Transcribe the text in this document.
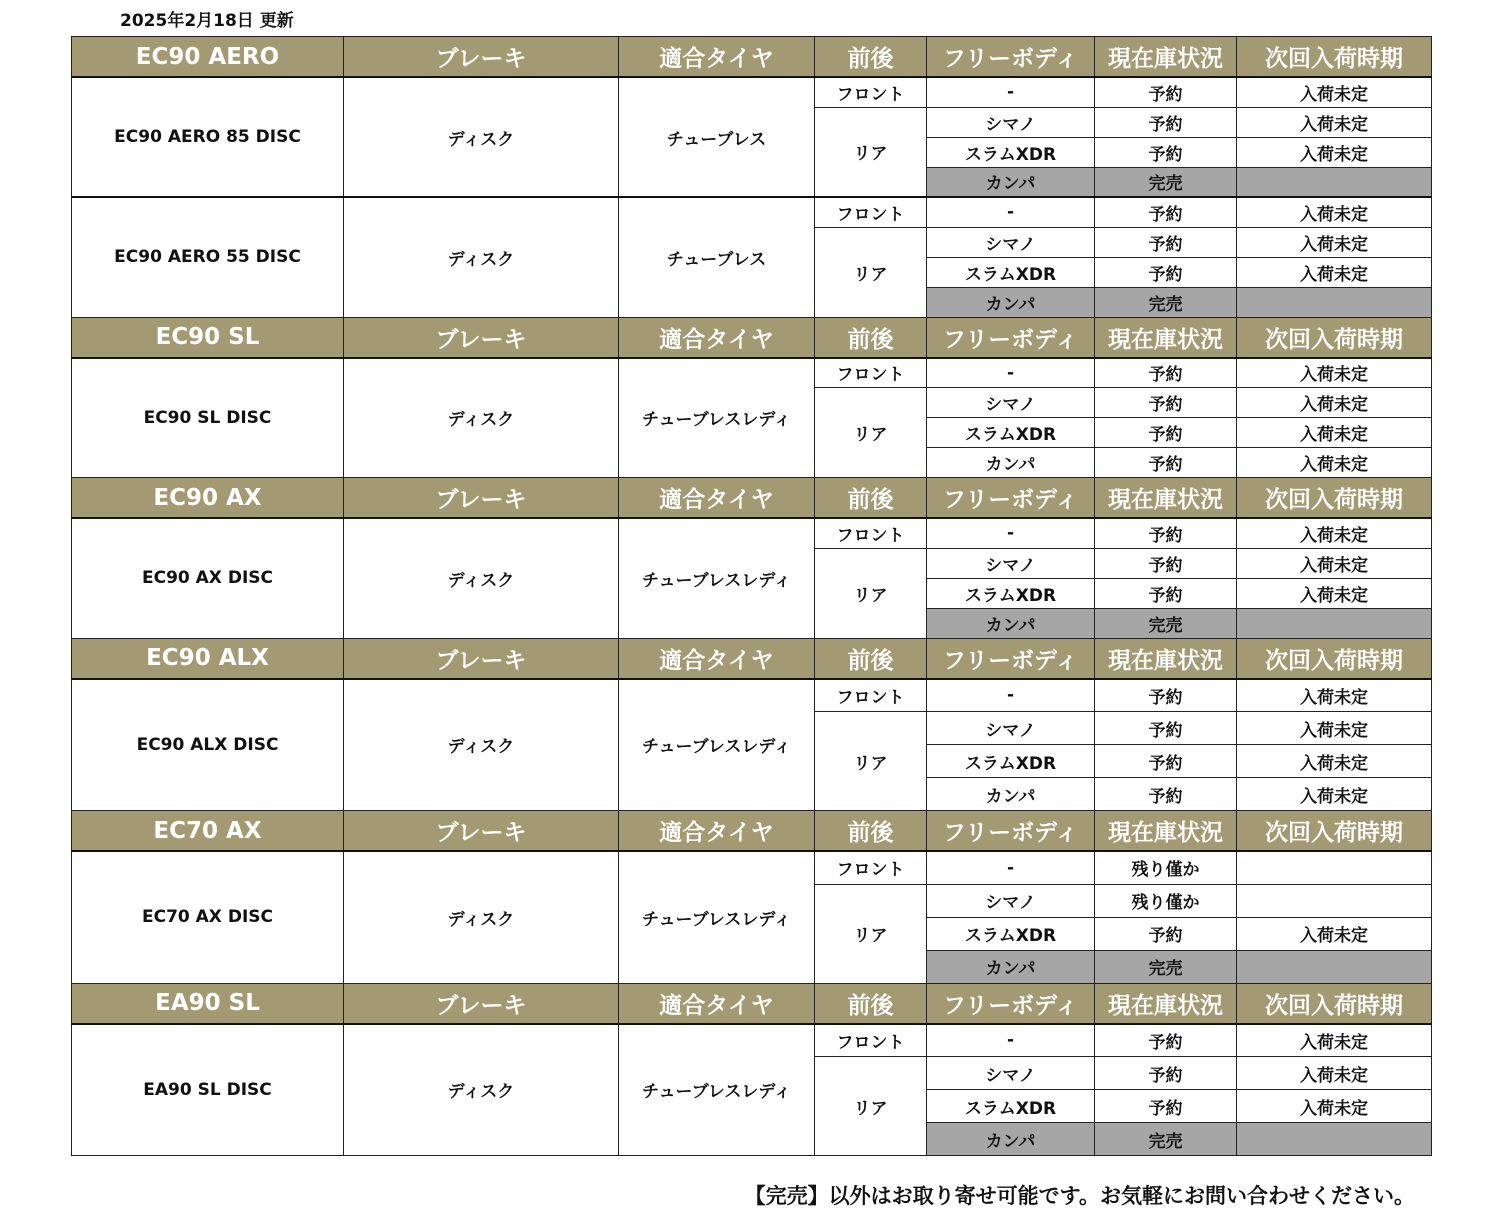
2025年2月18日 更新
EC90 AERO	ブレーキ	適合タイヤ	前後	フリーボディ	現在庫状況	次回入荷時期
EC90 AERO 85 DISC	ディスク	チューブレス	フロント	-	予約	入荷未定
			リア	シマノ	予約	入荷未定
				スラムXDR	予約	入荷未定
				カンパ	完売	
EC90 AERO 55 DISC	ディスク	チューブレス	フロント	-	予約	入荷未定
			リア	シマノ	予約	入荷未定
				スラムXDR	予約	入荷未定
				カンパ	完売	
EC90 SL	ブレーキ	適合タイヤ	前後	フリーボディ	現在庫状況	次回入荷時期
EC90 SL DISC	ディスク	チューブレスレディ	フロント	-	予約	入荷未定
			リア	シマノ	予約	入荷未定
				スラムXDR	予約	入荷未定
				カンパ	予約	入荷未定
EC90 AX	ブレーキ	適合タイヤ	前後	フリーボディ	現在庫状況	次回入荷時期
EC90 AX DISC	ディスク	チューブレスレディ	フロント	-	予約	入荷未定
			リア	シマノ	予約	入荷未定
				スラムXDR	予約	入荷未定
				カンパ	完売	
EC90 ALX	ブレーキ	適合タイヤ	前後	フリーボディ	現在庫状況	次回入荷時期
EC90 ALX DISC	ディスク	チューブレスレディ	フロント	-	予約	入荷未定
			リア	シマノ	予約	入荷未定
				スラムXDR	予約	入荷未定
				カンパ	予約	入荷未定
EC70 AX	ブレーキ	適合タイヤ	前後	フリーボディ	現在庫状況	次回入荷時期
EC70 AX DISC	ディスク	チューブレスレディ	フロント	-	残り僅か	
			リア	シマノ	残り僅か	
				スラムXDR	予約	入荷未定
				カンパ	完売	
EA90 SL	ブレーキ	適合タイヤ	前後	フリーボディ	現在庫状況	次回入荷時期
EA90 SL DISC	ディスク	チューブレスレディ	フロント	-	予約	入荷未定
			リア	シマノ	予約	入荷未定
				スラムXDR	予約	入荷未定
				カンパ	完売	
【完売】以外はお取り寄せ可能です。お気軽にお問い合わせください。
